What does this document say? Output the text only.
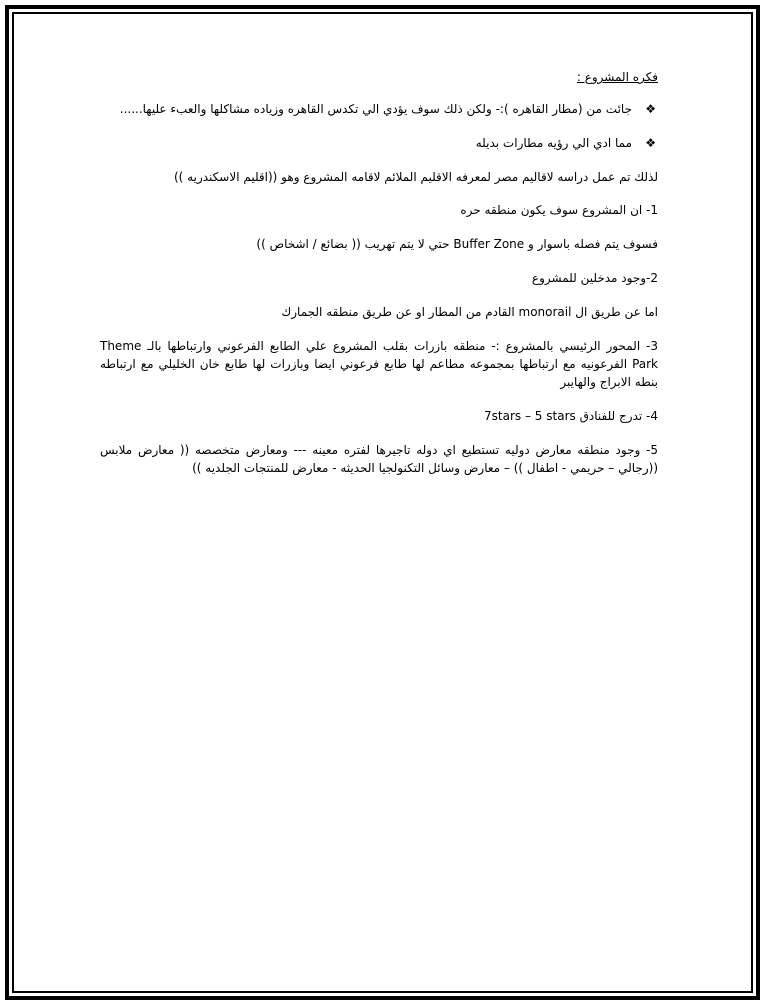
فكره المشروع :
❖
جائت من (مطار القاهره ):- ولكن ذلك سوف يؤدي الي تكدس القاهره وزياده مشاكلها والعبء عليها......
❖
مما ادي الي رؤيه مطارات بديله
لذلك تم عمل دراسه لاقاليم مصر لمعرفه الاقليم الملائم لاقامه المشروع وهو ((اقليم الاسكندريه ))
1- ان المشروع سوف يكون منطقه حره
فسوف يتم فصله باسوار و Buffer Zone حتي لا يتم تهريب (( بضائع / اشخاص ))
2-وجود مدخلين للمشروع
اما عن طريق ال monorail القادم من المطار او عن طريق منطقه الجمارك
3- المحور الرئيسي بالمشروع :- منطقه بازرات بقلب المشروع علي الطابع الفرعوني وارتباطها بالـ Theme Park الفرعونيه مع ارتباطها بمجموعه مطاعم لها طابع فرعوني ايضا وبازرات لها طابع خان الخليلي مع ارتباطه بنطه الابراج والهايبر
4- تدرج للفنادق 7stars – 5 stars
5- وجود منطقه معارض دوليه تستطيع اي دوله تاجيرها لفتره معينه --- ومعارض متخصصه (( معارض ملابس ((رجالي – حريمي - اطفال )) – معارض وسائل التكنولجيا الحديثه - معارض للمنتجات الجلديه ))
